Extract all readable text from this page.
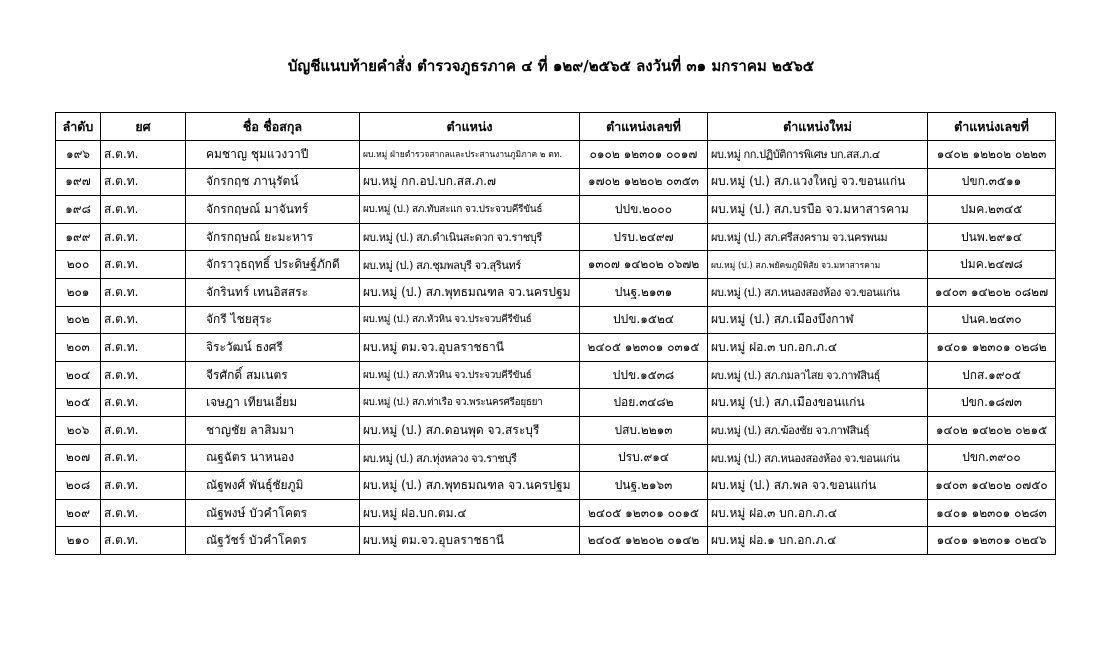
บัญชีแนบท้ายคำสั่ง ตำรวจภูธรภาค ๔ ที่ ๑๒๙/๒๕๖๕ ลงวันที่ ๓๑ มกราคม ๒๕๖๕
ลำดับ	ยศ	ชื่อ ชื่อสกุล	ตำแหน่ง	ตำแหน่งเลขที่	ตำแหน่งใหม่	ตำแหน่งเลขที่
๑๙๖	ส.ต.ท.	คมชาญ ชุมแวงวาปี	ผบ.หมู่ ฝ่ายตำรวจสากลและประสานงานภูมิภาค ๒ ตท.	๐๑๐๒ ๑๒๓๐๑ ๐๐๑๗	ผบ.หมู่ กก.ปฏิบัติการพิเศษ บก.สส.ภ.๔	๑๔๐๒ ๑๒๒๐๒ ๐๒๒๓
๑๙๗	ส.ต.ท.	จักรกฤช ภานุรัตน์	ผบ.หมู่ กก.อป.บก.สส.ภ.๗	๑๗๐๒ ๑๒๒๐๒ ๐๓๕๓	ผบ.หมู่ (ป.) สภ.แวงใหญ่ จว.ขอนแก่น	ปขก.๓๕๑๑
๑๙๘	ส.ต.ท.	จักรกฤษณ์ มาจันทร์	ผบ.หมู่ (ป.) สภ.ทับสะแก จว.ประจวบคีรีขันธ์	ปปข.๒๐๐๐	ผบ.หมู่ (ป.) สภ.บรบือ จว.มหาสารคาม	ปมค.๒๓๔๕
๑๙๙	ส.ต.ท.	จักรกฤษณ์ ยะมะหาร	ผบ.หมู่ (ป.) สภ.ดำเนินสะดวก จว.ราชบุรี	ปรบ.๒๔๙๗	ผบ.หมู่ (ป.) สภ.ศรีสงคราม จว.นครพนม	ปนพ.๒๙๑๔
๒๐๐	ส.ต.ท.	จักราวุธฤทธิ์ ประดิษฐ์ภักดี	ผบ.หมู่ (ป.) สภ.ชุมพลบุรี จว.สุรินทร์	๑๓๐๗ ๑๔๒๐๒ ๐๖๗๒	ผบ.หมู่ (ป.) สภ.พยัคฆภูมิพิสัย จว.มหาสารคาม	ปมค.๒๔๗๘
๒๐๑	ส.ต.ท.	จักรินทร์ เทนอิสสระ	ผบ.หมู่ (ป.) สภ.พุทธมณฑล จว.นครปฐม	ปนฐ.๒๑๓๑	ผบ.หมู่ (ป.) สภ.หนองสองห้อง จว.ขอนแก่น	๑๔๐๓ ๑๔๒๐๒ ๐๘๒๗
๒๐๒	ส.ต.ท.	จักรี ไชยสุระ	ผบ.หมู่ (ป.) สภ.หัวหิน จว.ประจวบคีรีขันธ์	ปปข.๑๕๒๔	ผบ.หมู่ (ป.) สภ.เมืองบึงกาฬ	ปนค.๒๔๓๐
๒๐๓	ส.ต.ท.	จิระวัฒน์ ธงศรี	ผบ.หมู่ ตม.จว.อุบลราชธานี	๒๔๐๕ ๑๒๓๐๑ ๐๓๑๕	ผบ.หมู่ ฝอ.๓ บก.อก.ภ.๔	๑๔๐๑ ๑๒๓๐๑ ๐๒๘๒
๒๐๔	ส.ต.ท.	จีรศักดิ์ สมเนตร	ผบ.หมู่ (ป.) สภ.หัวหิน จว.ประจวบคีรีขันธ์	ปปข.๑๕๓๘	ผบ.หมู่ (ป.) สภ.กมลาไสย จว.กาฬสินธุ์	ปกส.๑๙๐๕
๒๐๕	ส.ต.ท.	เจษฎา เทียนเอี่ยม	ผบ.หมู่ (ป.) สภ.ท่าเรือ จว.พระนครศรีอยุธยา	ปอย.๓๔๘๒	ผบ.หมู่ (ป.) สภ.เมืองขอนแก่น	ปขก.๑๘๗๓
๒๐๖	ส.ต.ท.	ชาญชัย ลาสิมมา	ผบ.หมู่ (ป.) สภ.ดอนพุด จว.สระบุรี	ปสบ.๒๒๑๓	ผบ.หมู่ (ป.) สภ.ฆ้องชัย จว.กาฬสินธุ์	๑๔๐๒ ๑๔๒๐๒ ๐๒๑๕
๒๐๗	ส.ต.ท.	ณฐฉัตร นาหนอง	ผบ.หมู่ (ป.) สภ.ทุ่งหลวง จว.ราชบุรี	ปรบ.๙๑๔	ผบ.หมู่ (ป.) สภ.หนองสองห้อง จว.ขอนแก่น	ปขก.๓๙๐๐
๒๐๘	ส.ต.ท.	ณัฐพงศ์ พันธุ์ชัยภูมิ	ผบ.หมู่ (ป.) สภ.พุทธมณฑล จว.นครปฐม	ปนฐ.๒๑๖๓	ผบ.หมู่ (ป.) สภ.พล จว.ขอนแก่น	๑๔๐๓ ๑๔๒๐๒ ๐๗๕๐
๒๐๙	ส.ต.ท.	ณัฐพงษ์ บัวคำโคตร	ผบ.หมู่ ฝอ.บก.ตม.๔	๒๔๐๕ ๑๒๓๐๑ ๐๐๑๕	ผบ.หมู่ ฝอ.๓ บก.อก.ภ.๔	๑๔๐๑ ๑๒๓๐๑ ๐๒๘๓
๒๑๐	ส.ต.ท.	ณัฐวัชร์ บัวคำโคตร	ผบ.หมู่ ตม.จว.อุบลราชธานี	๒๔๐๕ ๑๒๒๐๒ ๐๑๔๒	ผบ.หมู่ ฝอ.๑ บก.อก.ภ.๔	๑๔๐๑ ๑๒๓๐๑ ๐๒๔๖
